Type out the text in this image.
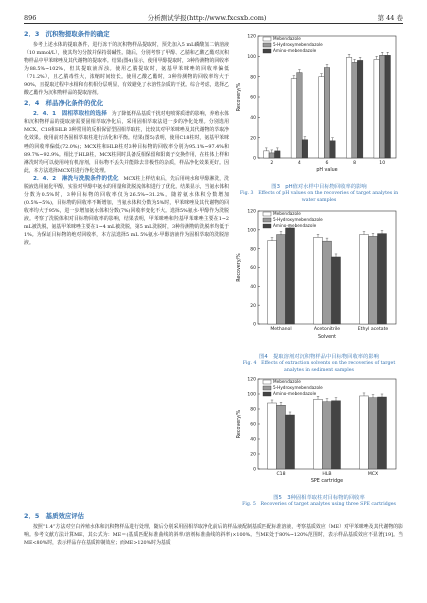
896	分析测试学报(http://www.fxcsxb.com)	第 44 卷
2．3　沉积物提取条件的确定

参考上述水体的提取条件，进行冻干的沉积物样品提取时，预先加入5 mL磷酸氢二钠溶液（10 mmol/L），使其均匀分散并保持弱碱性。随后，分别考察了甲醇、乙腈和乙酸乙酯对沉积物样品中甲苯咪唑及其代谢物的提取率。结果(图4)显示，使用甲醇提取时，3种待测物的回收率为88.5%~102%，但其提取液浑浊。使用乙腈提取时，氨基甲苯咪唑的回收率偏低（71.2%），且乙腈毒性大，浓缩时间较长。使用乙酸乙酯时，3种待测物的回收率均大于90%，且提取过程中水相和有机相分层明显，有效避免了水溶性杂质的干扰。综合考虑，选择乙酸乙酯作为沉积物样品的提取溶剂。

2．4　样品净化条件的优化

2．4．1　固相萃取柱的选择　 为了降低样品基质干扰对电喷雾质谱的影响，养殖水体和沉积物样品的提取液需要固相萃取净化后，采用固相萃取法进一步的净化处理。分别选用MCX、C18和HLB 3种常用的反相保留型固相萃取柱，比较其对甲苯咪唑及其代谢物的萃取净化效果。使用前对各固相萃取柱进行活化和平衡。结果(图5)表明，使用C18柱时，氨基甲苯咪唑的回收率偏低(72.0%)；MCX柱和HLB柱对3种目标物的回收率分别为95.1%~97.4%和89.7%~92.9%。相比于HLB柱，MCX柱同时具备反相保留和阳离子交换作用，在柱体上样和淋洗时均可以使用纯有机溶剂，目标物不丢失并能除去非极性的杂质，样品净化效果更好。因此，本方法选择MCX柱进行净化处理。

2．4．2　淋洗与洗脱条件的优化　 MCX柱上样结束后，先后用纯水和甲醇淋洗，洗脱液选用氨化甲醇，实验对甲醇中氨水的用量和洗脱流体积进行了优化。结果显示，当氨水体积分数为0.5%时，3种目标物的回收率仅为26.5%~31.2%。随着氨水体积分数增加(0.5%~5%)，目标物的回收率不断增加，当氨水体积分数为5%时，甲苯咪唑及其代谢物的回收率均大于95%，进一步增加氨水体积分数(7%)回收率变化不大。选择5%氨水-甲醇作为洗脱液。考察了洗脱体积对目标物回收率的影响，结果表明，甲苯咪唑和羟基甲苯咪唑主要在1~2 mL被洗脱，氨基甲苯咪唑主要在1~4 mL被洗脱，第5 mL洗脱时，3种待测物的洗脱率均低于1%。为保证目标物的绝对回收率，本方法选择5 mL 5%氨水-甲醇溶液作为固相萃取的洗脱溶液。

0
20
40
60
80
100
120
Recovery/%
Mebendazole
5-Hydroxymebendazole
Amino-mebendazole
2	4	6	8	10
pH value
图3　pH值对水样中目标物回收率的影响
Fig. 3　Effects of pH values on the recoveries of target analytes in water samples
0
20
40
60
80
100
120
Recovery/%
Mebendazole
5-Hydroxymebendazole
Amino-mebendazole
Methanol	Acetonitrile	Ethyl acetate
Solvent
图4　提取溶剂对沉积物样品中目标物回收率的影响
Fig. 4　Effects of extraction solvents on the recoveries of target analytes in sediment samples
0
20
40
60
80
100
120
Recovery/%
Mebendazole
5-Hydroxymebendazole
Amino-mebendazole
C18	HLB	MCX
SPE cartridge
图5　3种固相萃取柱对目标物的回收率
Fig. 5　Recoveries of target analytes using three SPE cartridges
2．5　基质效应评估

按照“1.4”方法对空白养殖水体和沉积物样品进行处理，随后分别采用固相萃取净化前后的样品液配制基质匹配标准溶液，考察基质效应（ME）对甲苯咪唑及其代谢物的影响。参考文献方法计算ME，其公式为：ME＝(基质匹配标准曲线的斜率/溶剂标准曲线的斜率)×100%。当ME处于80%~120%范围时，表示样品基质效应不显著[19]。当ME<80%时，表示样品存在基质抑制效应；而ME>120%时为基质
